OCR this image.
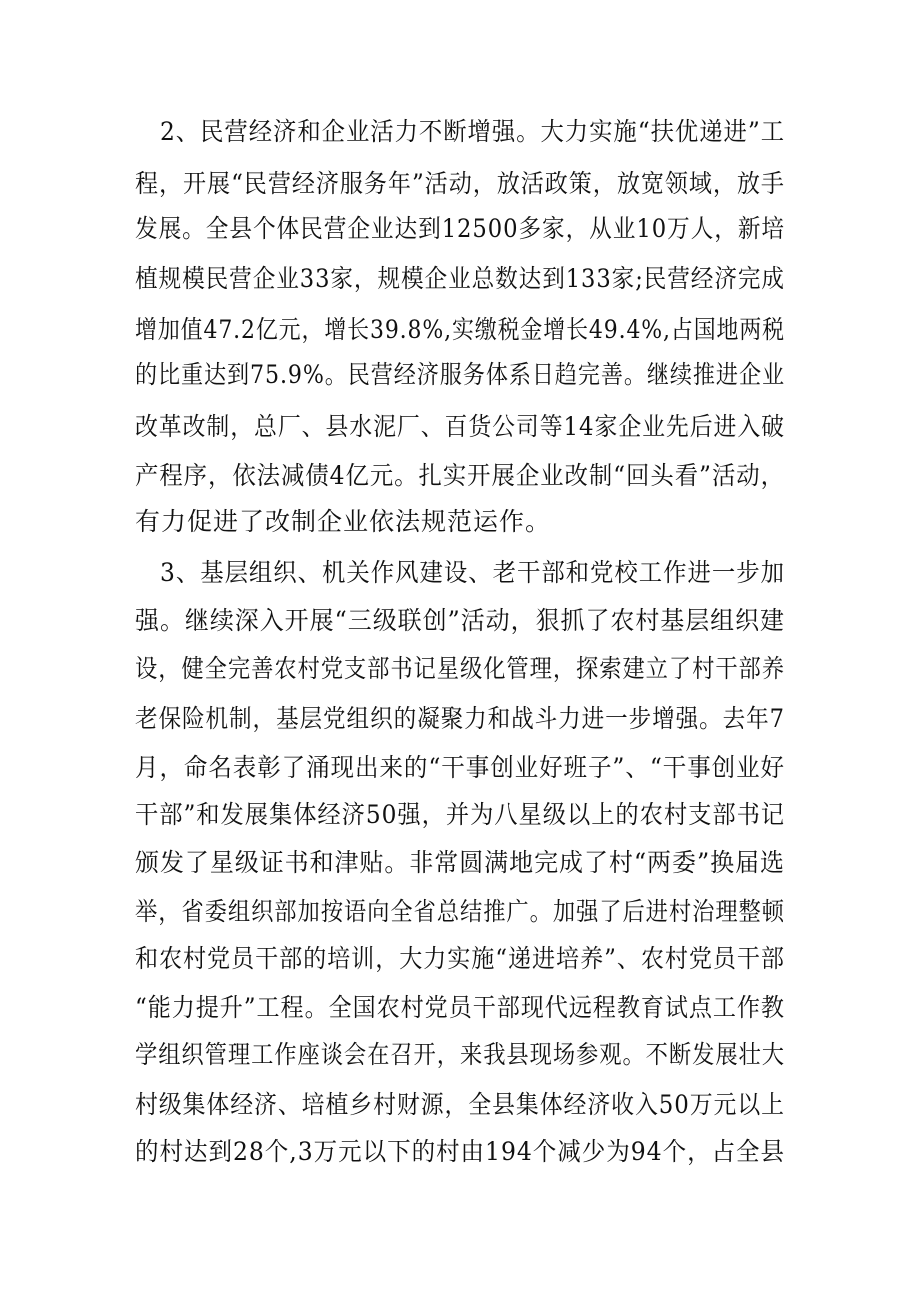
2、民营经济和企业活力不断增强。大力实施“扶优递进”工
程，开展“民营经济服务年”活动，放活政策，放宽领域，放手
发展。全县个体民营企业达到12500多家，从业10万人，新培
植规模民营企业33家，规模企业总数达到133家;民营经济完成
增加值47.2亿元，增长39.8%,实缴税金增长49.4%,占国地两税
的比重达到75.9%。民营经济服务体系日趋完善。继续推进企业
改革改制，总厂、县水泥厂、百货公司等14家企业先后进入破
产程序，依法减债4亿元。扎实开展企业改制“回头看”活动，
有力促进了改制企业依法规范运作。
3、基层组织、机关作风建设、老干部和党校工作进一步加
强。继续深入开展“三级联创”活动，狠抓了农村基层组织建
设，健全完善农村党支部书记星级化管理，探索建立了村干部养
老保险机制，基层党组织的凝聚力和战斗力进一步增强。去年7
月，命名表彰了涌现出来的“干事创业好班子”、“干事创业好
干部”和发展集体经济50强，并为八星级以上的农村支部书记
颁发了星级证书和津贴。非常圆满地完成了村“两委”换届选
举，省委组织部加按语向全省总结推广。加强了后进村治理整顿
和农村党员干部的培训，大力实施“递进培养”、农村党员干部
“能力提升”工程。全国农村党员干部现代远程教育试点工作教
学组织管理工作座谈会在召开，来我县现场参观。不断发展壮大
村级集体经济、培植乡村财源，全县集体经济收入50万元以上
的村达到28个,3万元以下的村由194个减少为94个，占全县
